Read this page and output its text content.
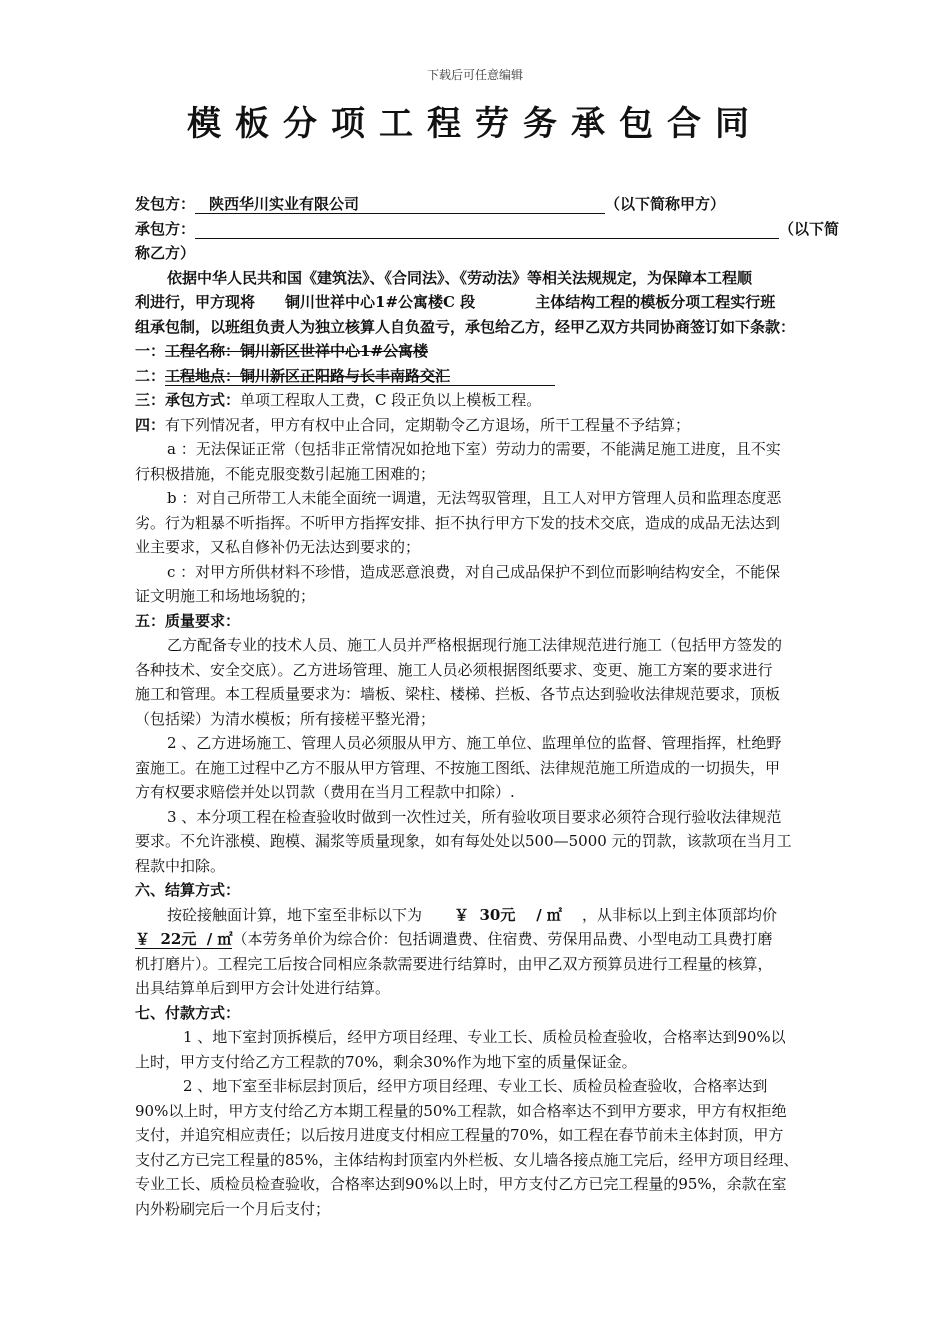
下载后可任意编辑
模板分项工程劳务承包合同
发包方： 陕西华川实业有限公司	（以下简称甲方）
承包方：	（以下简
称乙方）
依据中华人民共和国《建筑法》、《合同法》、《劳动法》等相关法规规定，为保障本工程顺
利进行，甲方现将 铜川世祥中心1#公寓楼C 段	主体结构工程的模板分项工程实行班
组承包制，以班组负责人为独立核算人自负盈亏，承包给乙方，经甲乙双方共同协商签订如下条款：
一：工程名称：铜川新区世祥中心1#公寓楼
二：工程地点：铜川新区正阳路与长丰南路交汇
三：承包方式：单项工程取人工费，C 段正负以上模板工程。
四：有下列情况者，甲方有权中止合同，定期勒令乙方退场，所干工程量不予结算；
a ：无法保证正常（包括非正常情况如抢地下室）劳动力的需要，不能满足施工进度，且不实
行积极措施，不能克服变数引起施工困难的；
b ：对自己所带工人未能全面统一调遣，无法驾驭管理，且工人对甲方管理人员和监理态度恶
劣。行为粗暴不听指挥。不听甲方指挥安排、拒不执行甲方下发的技术交底，造成的成品无法达到
业主要求，又私自修补仍无法达到要求的；
c ：对甲方所供材料不珍惜，造成恶意浪费，对自己成品保护不到位而影响结构安全，不能保
证文明施工和场地场貌的；
五：质量要求：
乙方配备专业的技术人员、施工人员并严格根据现行施工法律规范进行施工（包括甲方签发的
各种技术、安全交底）。乙方进场管理、施工人员必须根据图纸要求、变更、施工方案的要求进行
施工和管理。本工程质量要求为：墙板、梁柱、楼梯、拦板、各节点达到验收法律规范要求，顶板
（包括梁）为清水模板；所有接槎平整光滑；
2 、乙方进场施工、管理人员必须服从甲方、施工单位、监理单位的监督、管理指挥，杜绝野
蛮施工。在施工过程中乙方不服从甲方管理、不按施工图纸、法律规范施工所造成的一切损失，甲
方有权要求赔偿并处以罚款（费用在当月工程款中扣除）.
3 、本分项工程在检查验收时做到一次性过关，所有验收项目要求必须符合现行验收法律规范
要求。不允许涨模、跑模、漏浆等质量现象，如有每处处以500—5000 元的罚款，该款项在当月工
程款中扣除。
六、结算方式：
按砼接触面计算，地下室至非标以下为 ￥  30元    / ㎡ ，从非标以上到主体顶部均价
￥  22元  / ㎡（本劳务单价为综合价：包括调遣费、住宿费、劳保用品费、小型电动工具费打磨
机打磨片）。工程完工后按合同相应条款需要进行结算时，由甲乙双方预算员进行工程量的核算，
出具结算单后到甲方会计处进行结算。
七、付款方式：
1 、地下室封顶拆模后，经甲方项目经理、专业工长、质检员检查验收，合格率达到90%以
上时，甲方支付给乙方工程款的70%，剩余30%作为地下室的质量保证金。
2 、地下室至非标层封顶后，经甲方项目经理、专业工长、质检员检查验收，合格率达到
90%以上时，甲方支付给乙方本期工程量的50%工程款，如合格率达不到甲方要求，甲方有权拒绝
支付，并追究相应责任；以后按月进度支付相应工程量的70%，如工程在春节前未主体封顶，甲方
支付乙方已完工程量的85%，主体结构封顶室内外栏板、女儿墙各接点施工完后，经甲方项目经理、
专业工长、质检员检查验收，合格率达到90%以上时，甲方支付乙方已完工程量的95%，余款在室
内外粉刷完后一个月后支付；
